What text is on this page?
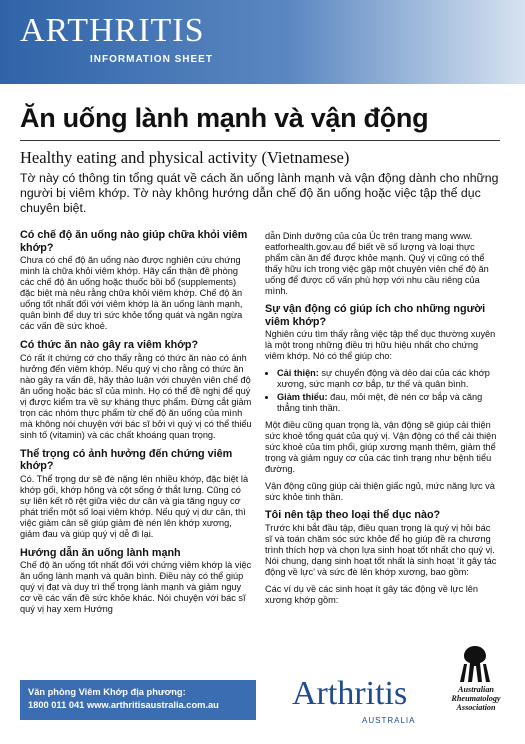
ARTHRITIS
INFORMATION SHEET
Ăn uống lành mạnh và vận động
Healthy eating and physical activity (Vietnamese)
Tờ này có thông tin tổng quát về cách ăn uống lành mạnh và vận động dành cho những người bị viêm khớp. Tờ này không hướng dẫn chế độ ăn uống hoặc việc tập thể dục chuyên biệt.
Có chế độ ăn uống nào giúp chữa khỏi viêm khớp?

Chưa có chế độ ăn uống nào được nghiên cứu chứng minh là chữa khỏi viêm khớp. Hãy cẩn thận đề phòng các chế độ ăn uống hoặc thuốc bồi bổ (supplements) đặc biệt mà nêu rằng chữa khỏi viêm khớp. Chế độ ăn uống tốt nhất đối với viêm khớp là ăn uống lành mạnh, quân bình để duy trì sức khỏe tổng quát và ngăn ngừa các vấn đề sức khoẻ.

Có thức ăn nào gây ra viêm khớp?

Có rất ít chứng cớ cho thấy rằng có thức ăn nào có ảnh hưởng đến viêm khớp. Nếu quý vị cho rằng có thức ăn nào gây ra vấn đề, hãy thảo luận với chuyên viên chế độ ăn uống hoặc bác sĩ của mình. Họ có thể đề nghị để quý vị được kiểm tra về sự kháng thực phẩm. Đừng cắt giảm trọn các nhóm thực phẩm từ chế độ ăn uống của mình mà không nói chuyện với bác sĩ bởi vì quý vị có thể thiếu sinh tố (vitamin) và các chất khoáng quan trọng.

Thể trọng có ảnh hưởng đến chứng viêm khớp?

Có. Thể trọng dư sẽ đè nặng lên nhiều khớp, đặc biệt là khớp gối, khớp hông và cột sống ở thắt lưng. Cũng có sự liên kết rõ rệt giữa việc dư cân và gia tăng nguy cơ phát triển một số loại viêm khớp. Nếu quý vị dư cân, thì việc giảm cân sẽ giúp giảm đè nén lên khớp xương, giảm đau và giúp quý vị dễ đi lại.

Hướng dẫn ăn uống lành mạnh

Chế độ ăn uống tốt nhất đối với chứng viêm khớp là việc ăn uống lành mạnh và quân bình. Điều này có thể giúp quý vị đạt và duy trì thể trọng lành mạnh và giảm nguy cơ về các vấn đề sức khỏe khác. Nói chuyện với bác sĩ quý vị hay xem Hướng

dẫn Dinh dưỡng của của Úc trên trang mạng www. eatforhealth.gov.au để biết về số lượng và loại thực phẩm cần ăn để được khỏe mạnh. Quý vị cũng có thể thấy hữu ích trong việc gặp một chuyên viên chế độ ăn uống để được cố vấn phù hợp với nhu cầu riêng của mình.

Sự vận động có giúp ích cho những người viêm khớp?

Nghiên cứu tìm thấy rằng việc tập thể dục thường xuyên là một trong những điều trị hữu hiệu nhất cho chứng viêm khớp. Nó có thể giúp cho:

• Cải thiện: sự chuyển động và dẻo dai của các khớp xương, sức mạnh cơ bắp, tư thế và quân bình.
• Giảm thiểu: đau, mỏi mệt, đè nén cơ bắp và căng thẳng tinh thần.

Một điều cũng quan trọng là, vận động sẽ giúp cải thiện sức khoẻ tổng quát của quý vị. Vận động có thể cải thiện sức khoẻ của tim phổi, giúp xương mạnh thêm, giảm thể trọng và giảm nguy cơ của các tình trạng như bệnh tiểu đường.

Vận động cũng giúp cải thiện giấc ngủ, mức năng lực và sức khỏe tinh thần.

Tôi nên tập theo loại thể dục nào?

Trước khi bắt đầu tập, điều quan trọng là quý vị hỏi bác sĩ và toán chăm sóc sức khỏe để họ giúp đề ra chương trình thích hợp và chọn lựa sinh hoạt tốt nhất cho quý vị. Nói chung, dạng sinh hoạt tốt nhất là sinh hoạt ‘ít gây tác động về lực’ và sức đè lên khớp xương, bao gồm:

Các ví dụ về các sinh hoạt ít gây tác động về lực lên xương khớp gồm:

Văn phòng Viêm Khớp địa phương:
1800 011 041 www.arthritisaustralia.com.au	Arthritis
AUSTRALIA
Australian Rheumatology Association
